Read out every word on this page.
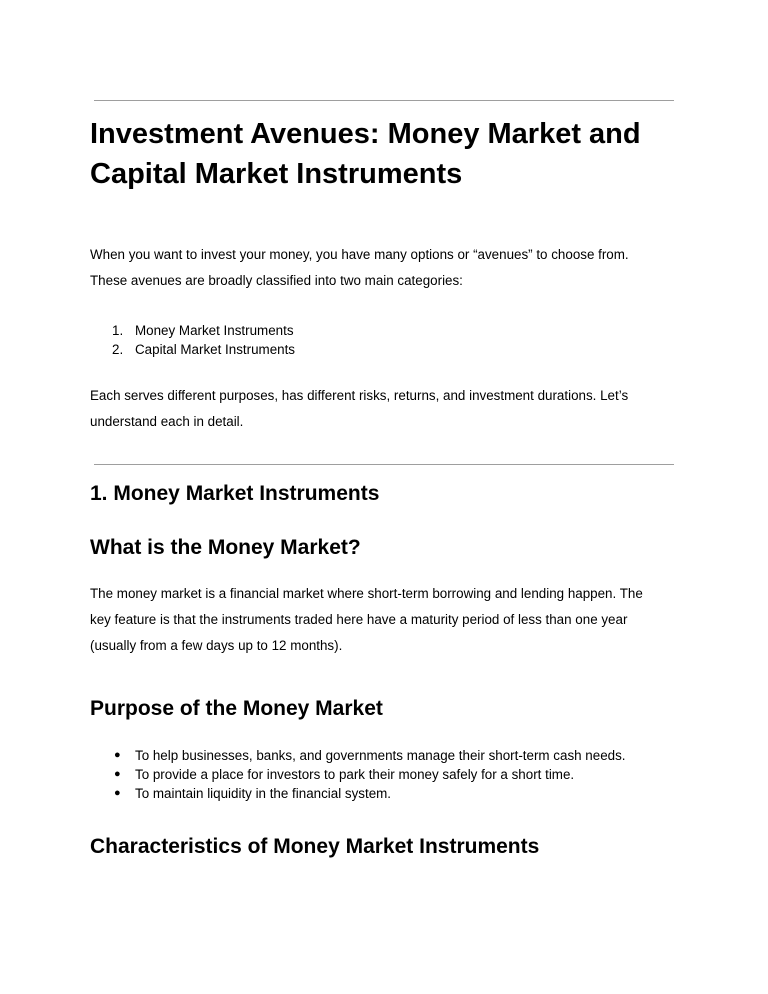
Investment Avenues: Money Market and
Capital Market Instruments
When you want to invest your money, you have many options or “avenues” to choose from.
These avenues are broadly classified into two main categories:
1. Money Market Instruments
2. Capital Market Instruments
Each serves different purposes, has different risks, returns, and investment durations. Let’s
understand each in detail.
1. Money Market Instruments
What is the Money Market?
The money market is a financial market where short-term borrowing and lending happen. The
key feature is that the instruments traded here have a maturity period of less than one year
(usually from a few days up to 12 months).
Purpose of the Money Market
● To help businesses, banks, and governments manage their short-term cash needs.
● To provide a place for investors to park their money safely for a short time.
● To maintain liquidity in the financial system.
Characteristics of Money Market Instruments
